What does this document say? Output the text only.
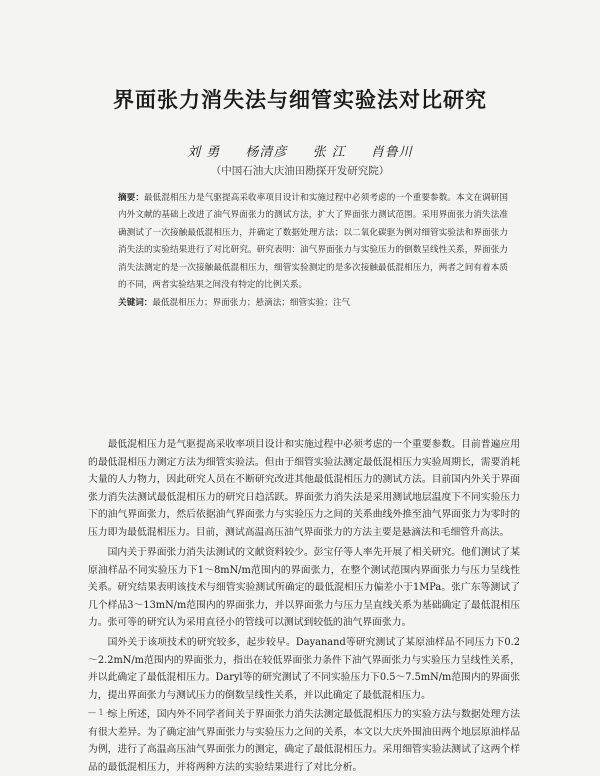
界面张力消失法与细管实验法对比研究
刘 勇 杨清彦 张 江 肖鲁川
（中国石油大庆油田勘探开发研究院）
摘要：最低混相压力是气驱提高采收率项目设计和实施过程中必须考虑的一个重要参数。本文在调研国内外文献的基础上改进了油气界面张力的测试方法，扩大了界面张力测试范围。采用界面张力消失法准确测试了一次接触最低混相压力，并确定了数据处理方法；以二氧化碳驱为例对细管实验法和界面张力消失法的实验结果进行了对比研究。研究表明：油气界面张力与实验压力的倒数呈线性关系，界面张力消失法测定的是一次接触最低混相压力，细管实验测定的是多次接触最低混相压力，两者之间有着本质的不同，两者实验结果之间没有特定的比例关系。
关键词：最低混相压力；界面张力；悬滴法；细管实验；注气

最低混相压力是气驱提高采收率项目设计和实施过程中必须考虑的一个重要参数。目前普遍应用的最低混相压力测定方法为细管实验法。但由于细管实验法测定最低混相压力实验周期长，需要消耗大量的人力物力，因此研究人员在不断研究改进其他最低混相压力的测试方法。目前国内外关于界面张力消失法测试最低混相压力的研究日趋活跃。界面张力消失法是采用测试地层温度下不同实验压力下的油气界面张力，然后依据油气界面张力与实验压力之间的关系曲线外推至油气界面张力为零时的压力即为最低混相压力。目前，测试高温高压油气界面张力的方法主要是悬滴法和毛细管升高法。

国内关于界面张力消失法测试的文献资料较少。彭宝仔等人率先开展了相关研究。他们测试了某原油样品不同实验压力下1～8mN/m范围内的界面张力，在整个测试范围内界面张力与压力呈线性关系。研究结果表明该技术与细管实验测试所确定的最低混相压力偏差小于1MPa。张广东等测试了几个样品3～13mN/m范围内的界面张力，并以界面张力与压力呈直线关系为基础确定了最低混相压力。张可等的研究认为采用直径小的管线可以测试到较低的油气界面张力。

国外关于该项技术的研究较多，起步较早。Dayanand等研究测试了某原油样品不同压力下0.2～2.2mN/m范围内的界面张力，指出在较低界面张力条件下油气界面张力与实验压力呈线性关系，并以此确定了最低混相压力。Daryl等的研究测试了不同实验压力下0.5～7.5mN/m范围内的界面张力，提出界面张力与测试压力的倒数呈线性关系，并以此确定了最低混相压力。

综上所述，国内外不同学者间关于界面张力消失法测定最低混相压力的实验方法与数据处理方法有很大差异。为了确定油气界面张力与实验压力之间的关系，本文以大庆外围油田两个地层原油样品为例，进行了高温高压油气界面张力的测定，确定了最低混相压力。采用细管实验法测试了这两个样品的最低混相压力，并将两种方法的实验结果进行了对比分析。

— 1 —
